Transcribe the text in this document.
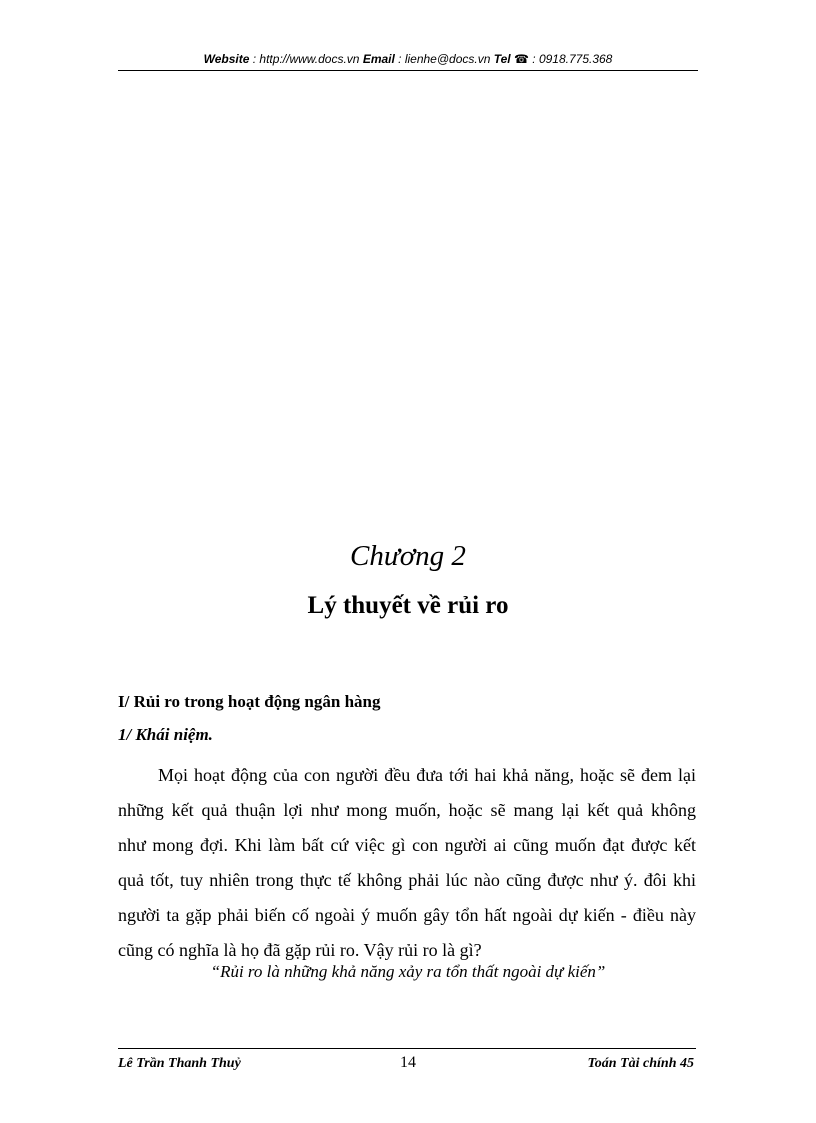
Website : http://www.docs.vn Email : lienhe@docs.vn Tel ☎ : 0918.775.368
Chương 2
Lý thuyết về rủi ro
I/ Rủi ro trong hoạt động ngân hàng
1/ Khái niệm.
Mọi hoạt động của con người đều đưa tới hai khả năng, hoặc sẽ đem lại
những kết quả thuận lợi như mong muốn, hoặc sẽ mang lại kết quả không
như mong đợi. Khi làm bất cứ việc gì con người ai cũng muốn đạt được kết
quả tốt, tuy nhiên trong thực tế không phải lúc nào cũng được như ý. đôi khi
người ta gặp phải biến cố ngoài ý muốn gây tổn hất ngoài dự kiến - điều này
cũng có nghĩa là họ đã gặp rủi ro. Vậy rủi ro là gì?
“Rủi ro là những khả năng xảy ra tổn thất ngoài dự kiến”
Lê Trần Thanh Thuỷ	14	Toán Tài chính 45
